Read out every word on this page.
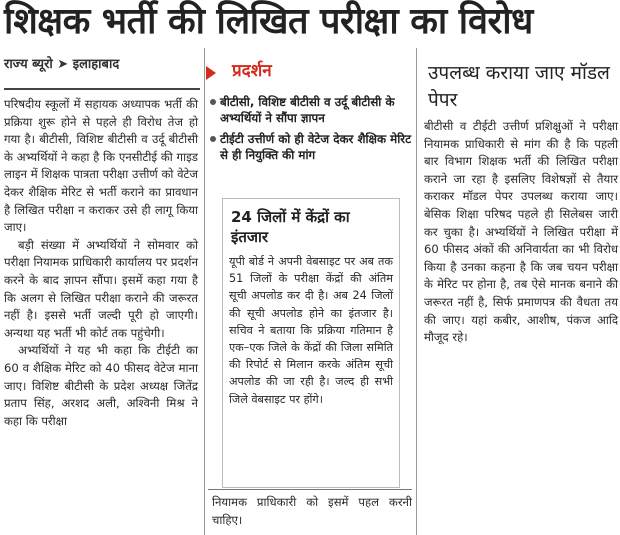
शिक्षक भर्ती की लिखित परीक्षा का विरोध
राज्य ब्यूरो ➤ इलाहाबाद

परिषदीय स्कूलों में सहायक अध्यापक भर्ती की प्रक्रिया शुरू होने से पहले ही विरोध तेज हो गया है। बीटीसी, विशिष्ट बीटीसी व उर्दू बीटीसी के अभ्यर्थियों ने कहा है कि एनसीटीई की गाइड लाइन में शिक्षक पात्रता परीक्षा उत्तीर्ण को वेटेज देकर शैक्षिक मेरिट से भर्ती कराने का प्रावधान है लिखित परीक्षा न कराकर उसे ही लागू किया जाए।

बड़ी संख्या में अभ्यर्थियों ने सोमवार को परीक्षा नियामक प्राधिकारी कार्यालय पर प्रदर्शन करने के बाद ज्ञापन सौंपा। इसमें कहा गया है कि अलग से लिखित परीक्षा कराने की जरूरत नहीं है। इससे भर्ती जल्दी पूरी हो जाएगी। अन्यथा यह भर्ती भी कोर्ट तक पहुंचेगी।

अभ्यर्थियों ने यह भी कहा कि टीईटी का 60 व शैक्षिक मेरिट को 40 फीसद वेटेज माना जाए। विशिष्ट बीटीसी के प्रदेश अध्यक्ष जितेंद्र प्रताप सिंह, अरशद अली, अश्विनी मिश्र ने कहा कि परीक्षा

प्रदर्शन
बीटीसी, विशिष्ट बीटीसी व उर्दू बीटीसी के अभ्यर्थियों ने सौंपा ज्ञापन
टीईटी उत्तीर्ण को ही वेटेज देकर शैक्षिक मेरिट से ही नियुक्ति की मांग
24 जिलों में केंद्रों का इंतजार
यूपी बोर्ड ने अपनी वेबसाइट पर अब तक 51 जिलों के परीक्षा केंद्रों की अंतिम सूची अपलोड कर दी है। अब 24 जिलों की सूची अपलोड होने का इंतजार है। सचिव ने बताया कि प्रक्रिया गतिमान है एक–एक जिले के केंद्रों की जिला समिति की रिपोर्ट से मिलान करके अंतिम सूची अपलोड की जा रही है। जल्द ही सभी जिले वेबसाइट पर होंगे।
नियामक प्राधिकारी को इसमें पहल करनी चाहिए।
उपलब्ध कराया जाए मॉडल पेपर

बीटीसी व टीईटी उत्तीर्ण प्रशिक्षुओं ने परीक्षा नियामक प्राधिकारी से मांग की है कि पहली बार विभाग शिक्षक भर्ती की लिखित परीक्षा कराने जा रहा है इसलिए विशेषज्ञों से तैयार कराकर मॉडल पेपर उपलब्ध कराया जाए। बेसिक शिक्षा परिषद पहले ही सिलेबस जारी कर चुका है। अभ्यर्थियों ने लिखित परीक्षा में 60 फीसद अंकों की अनिवार्यता का भी विरोध किया है उनका कहना है कि जब चयन परीक्षा के मेरिट पर होना है, तब ऐसे मानक बनाने की जरूरत नहीं है, सिर्फ प्रमाणपत्र की वैधता तय की जाए। यहां कबीर, आशीष, पंकज आदि मौजूद रहे।
